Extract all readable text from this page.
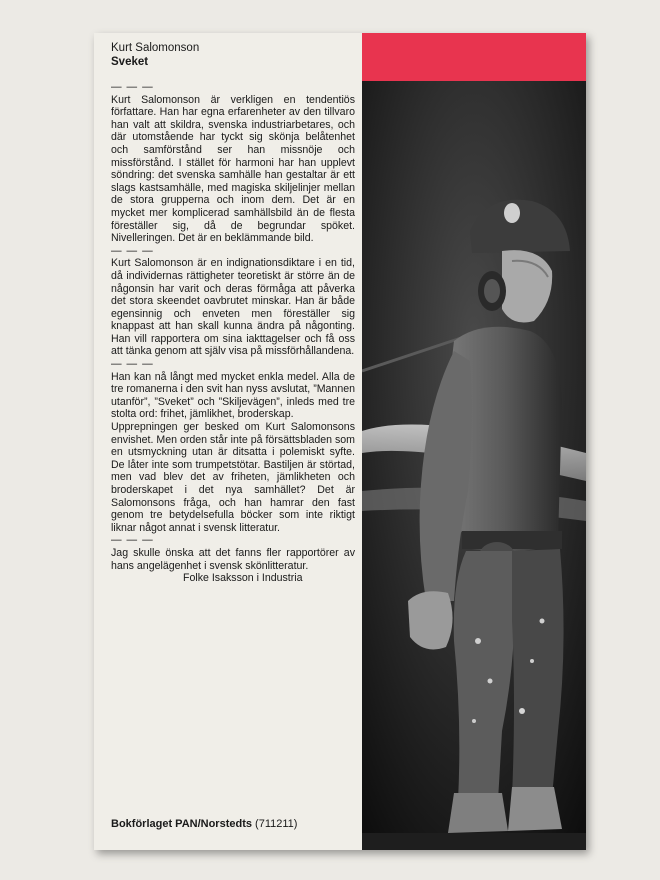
Kurt Salomonson
Sveket
— — —

Kurt Salomonson är verkligen en tendentiös författare. Han har egna erfarenheter av den tillvaro han valt att skildra, svenska industriarbetares, och där utomstående har tyckt sig skönja belåtenhet och samförstånd ser han missnöje och missförstånd. I stället för harmoni har han upplevt söndring: det svenska samhälle han gestaltar är ett slags kastsamhälle, med magiska skiljelinjer mellan de stora grupperna och inom dem. Det är en mycket mer komplicerad samhällsbild än de flesta föreställer sig, då de begrundar spöket. Nivelleringen. Det är en beklämmande bild.

— — —

Kurt Salomonson är en indignationsdiktare i en tid, då individernas rättigheter teoretiskt är större än de någonsin har varit och deras förmåga att påverka det stora skeendet oavbrutet minskar. Han är både egensinnig och envetеn men föreställer sig knappast att han skall kunna ändra på någonting. Han vill rapportera om sina iakttagelser och få oss att tänka genom att själv visa på missförhållandena.

— — —

Han kan nå långt med mycket enkla medel. Alla de tre romanerna i den svit han nyss avslutat, ”Mannen utanför”, ”Sveket” och ”Skiljevägen”, inleds med tre stolta ord: frihet, jämlikhet, broderskap.

Upprepningen ger besked om Kurt Salomonsons envishet. Men orden står inte på försättsbladen som en utsmyckning utan är ditsatta i polemiskt syfte. De låter inte som trumpetstötar. Bastiljen är störtad, men vad blev det av friheten, jämlikheten och broderskapet i det nya samhället? Det är Salomonsons fråga, och han hamrar den fast genom tre betydelsefulla böcker som inte riktigt liknar något annat i svensk litteratur.

— — —

Jag skulle önska att det fanns fler rapportörer av hans angelägenhet i svensk skönlitteratur.

Folke Isaksson i Industria

Bokförlaget PAN/Norstedts (711211)
